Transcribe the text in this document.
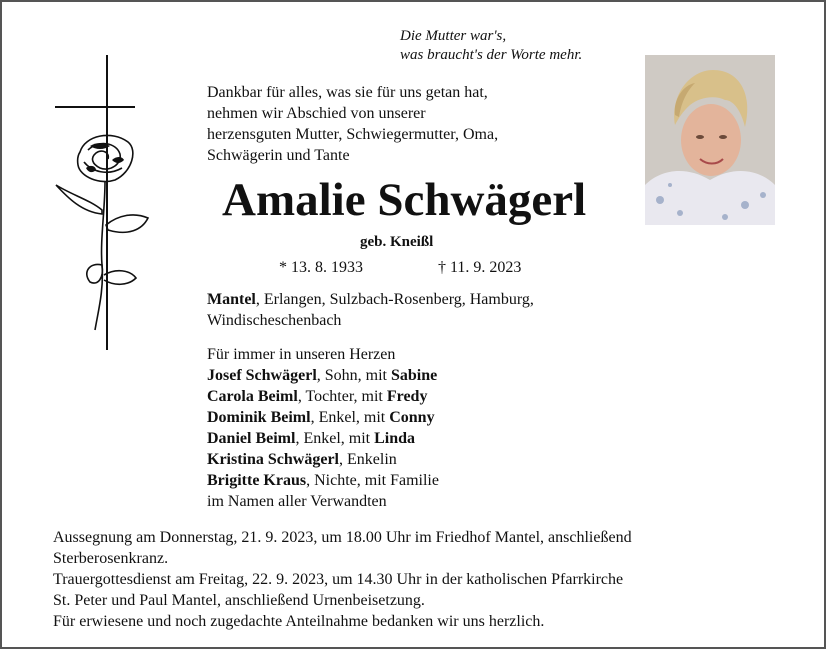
Die Mutter war's,
was braucht's der Worte mehr.
Dankbar für alles, was sie für uns getan hat,
nehmen wir Abschied von unserer
herzensguten Mutter, Schwiegermutter, Oma,
Schwägerin und Tante
Amalie Schwägerl
geb. Kneißl
* 13. 8. 1933	† 11. 9. 2023
Mantel, Erlangen, Sulzbach-Rosenberg, Hamburg,
Windischeschenbach
Für immer in unseren Herzen
Josef Schwägerl, Sohn, mit Sabine
Carola Beiml, Tochter, mit Fredy
Dominik Beiml, Enkel, mit Conny
Daniel Beiml, Enkel, mit Linda
Kristina Schwägerl, Enkelin
Brigitte Kraus, Nichte, mit Familie
im Namen aller Verwandten
Aussegnung am Donnerstag, 21. 9. 2023, um 18.00 Uhr im Friedhof Mantel, anschließend
Sterberosenkranz.
Trauergottesdienst am Freitag, 22. 9. 2023, um 14.30 Uhr in der katholischen Pfarrkirche
St. Peter und Paul Mantel, anschließend Urnenbeisetzung.
Für erwiesene und noch zugedachte Anteilnahme bedanken wir uns herzlich.
